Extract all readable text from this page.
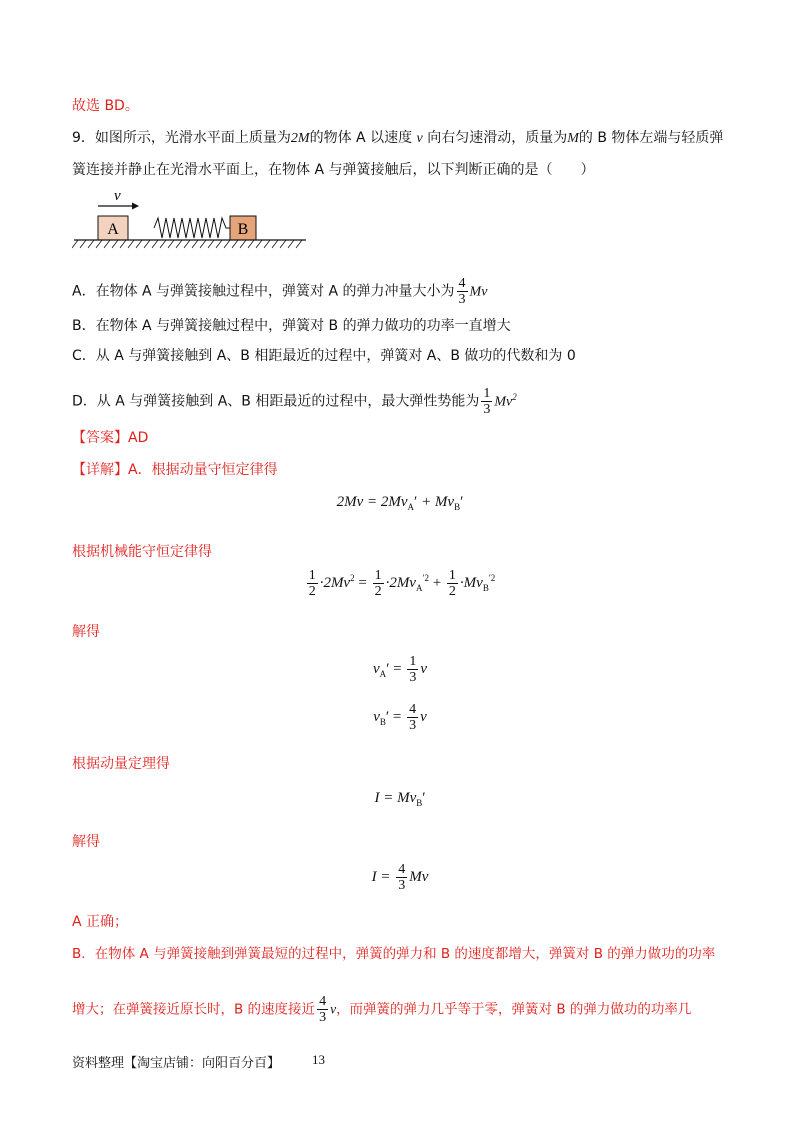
故选 BD。
9．如图所示，光滑水平面上质量为2M的物体 A 以速度 v 向右匀速滑动，质量为M的 B 物体左端与轻质弹
簧连接并静止在光滑水平面上，在物体 A 与弹簧接触后，以下判断正确的是（　　）
v
A	B
A．在物体 A 与弹簧接触过程中，弹簧对 A 的弹力冲量大小为 $\frac{4}{3}$ Mv
B．在物体 A 与弹簧接触过程中，弹簧对 B 的弹力做功的功率一直增大
C．从 A 与弹簧接触到 A、B 相距最近的过程中，弹簧对 A、B 做功的代数和为 0
D．从 A 与弹簧接触到 A、B 相距最近的过程中，最大弹性势能为 $\frac{1}{3} Mv^2$
【答案】AD
【详解】A．根据动量守恒定律得
$2Mv = 2Mv_A' + Mv_B'$
根据机械能守恒定律得
$\frac{1}{2} \cdot 2Mv^2 = \frac{1}{2} \cdot 2Mv_A^{'2} + \frac{1}{2} \cdot Mv_B^{'2}$
解得
$v_A' = \frac{1}{3}$ v
$v_B' = \frac{4}{3}$ v
根据动量定理得
$I = Mv_B'$
解得
$I = \frac{4}{3}$ Mv
A 正确；
B．在物体 A 与弹簧接触到弹簧最短的过程中，弹簧的弹力和 B 的速度都增大，弹簧对 B 的弹力做功的功率
增大；在弹簧接近原长时，B 的速度接近 $\frac{4}{3}$ v，而弹簧的弹力几乎等于零，弹簧对 B 的弹力做功的功率几
资料整理【淘宝店铺：向阳百分百】 13
